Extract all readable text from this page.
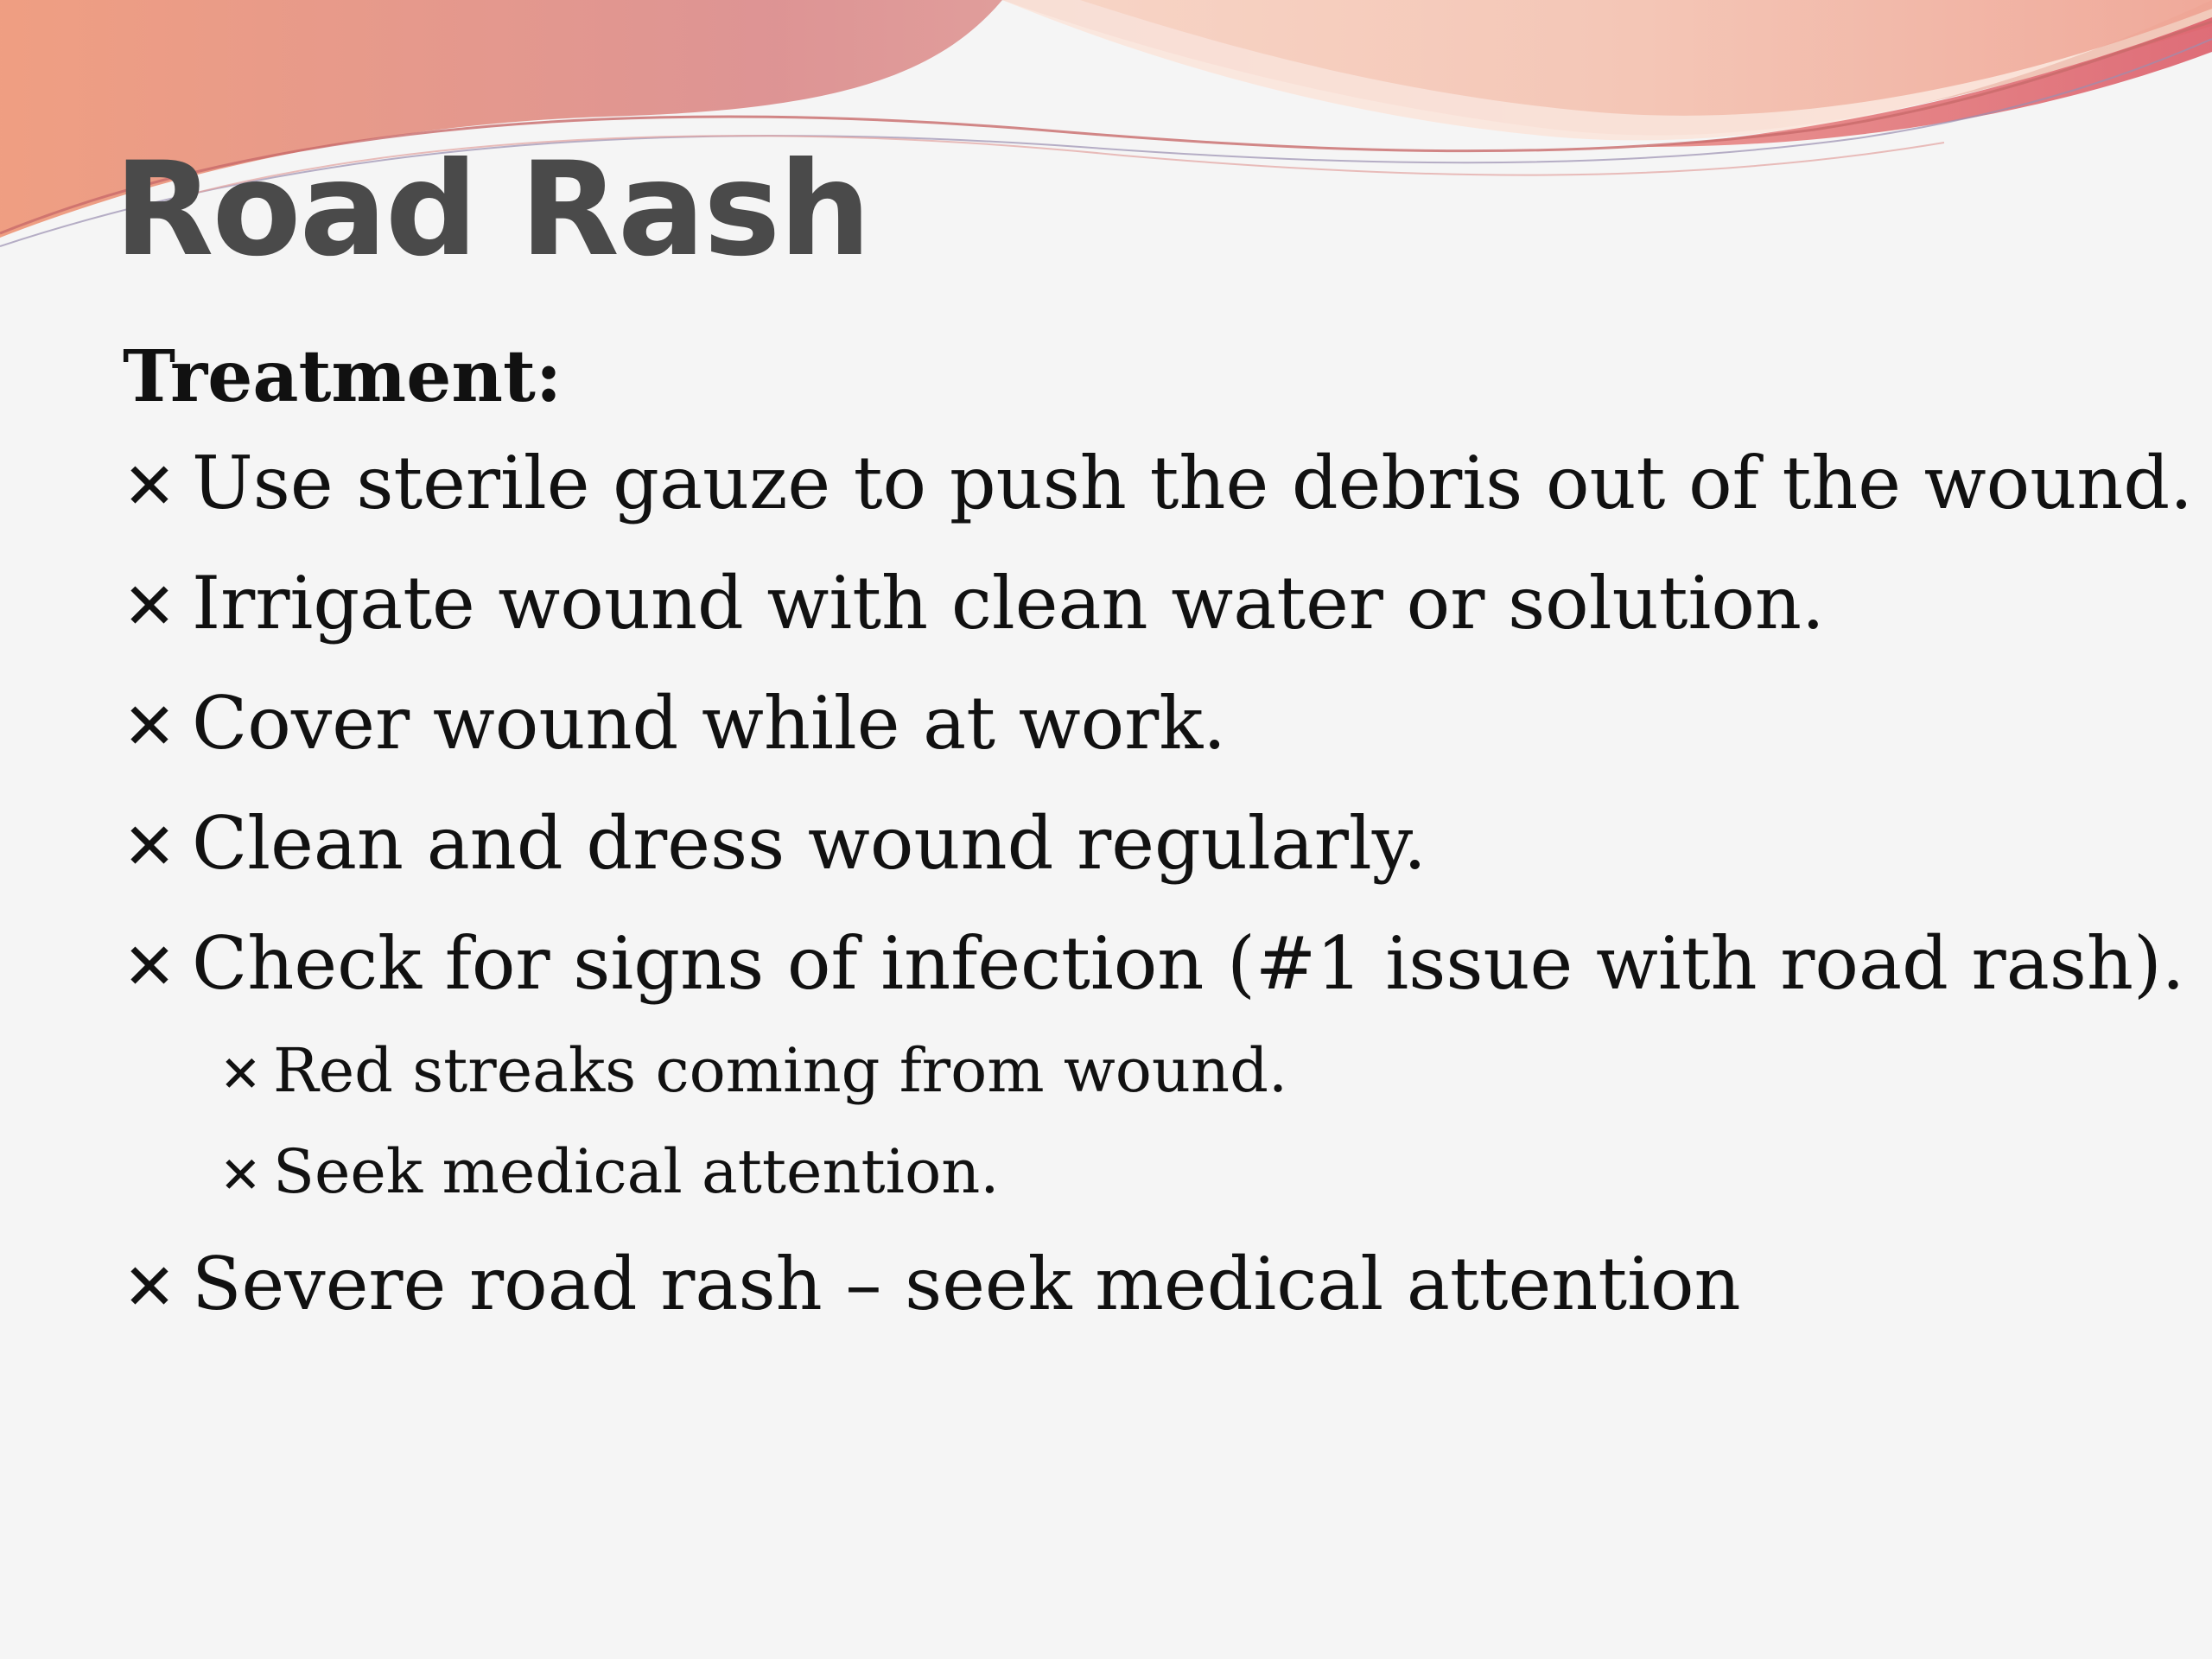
Road Rash
Treatment:
✕ Use sterile gauze to push the debris out of the wound.
✕ Irrigate wound with clean water or solution.
✕ Cover wound while at work.
✕ Clean and dress wound regularly.
✕ Check for signs of infection (#1 issue with road rash).
✕ Red streaks coming from wound.
✕ Seek medical attention.
✕ Severe road rash – seek medical attention
